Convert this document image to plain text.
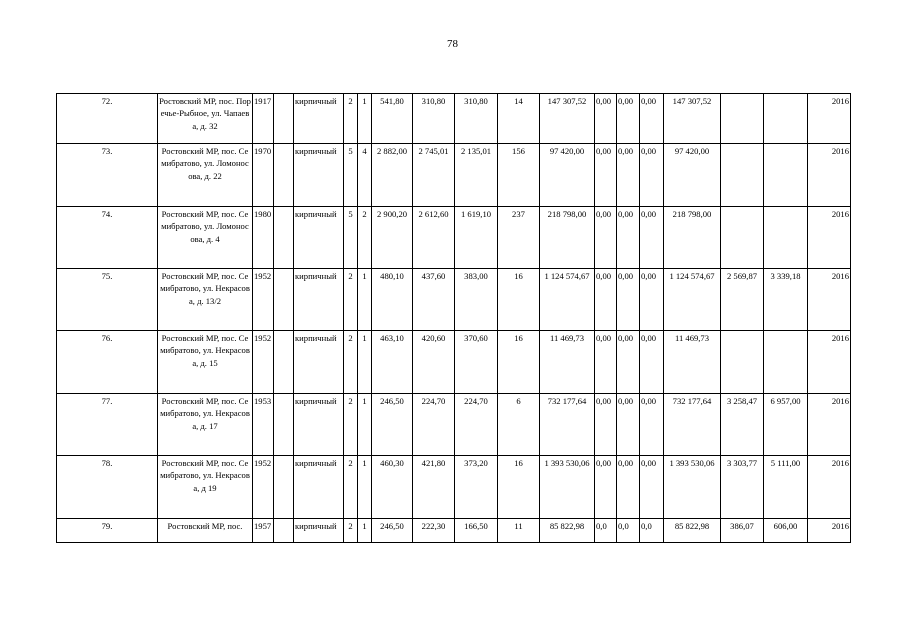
78
72.	Ростовский МР, пос. Поречье-Рыбное, ул. Чапаева, д. 32	1917		кирпичный	2	1	541,80	310,80	310,80	14	147 307,52	0,00	0,00	0,00	147 307,52			2016
73.	Ростовский МР, пос. Семибратово, ул. Ломоносова, д. 22	1970		кирпичный	5	4	2 882,00	2 745,01	2 135,01	156	97 420,00	0,00	0,00	0,00	97 420,00			2016
74.	Ростовский МР, пос. Семибратово, ул. Ломоносова, д. 4	1980		кирпичный	5	2	2 900,20	2 612,60	1 619,10	237	218 798,00	0,00	0,00	0,00	218 798,00			2016
75.	Ростовский МР, пос. Семибратово, ул. Некрасова, д. 13/2	1952		кирпичный	2	1	480,10	437,60	383,00	16	1 124 574,67	0,00	0,00	0,00	1 124 574,67	2 569,87	3 339,18	2016
76.	Ростовский МР, пос. Семибратово, ул. Некрасова, д. 15	1952		кирпичный	2	1	463,10	420,60	370,60	16	11 469,73	0,00	0,00	0,00	11 469,73			2016
77.	Ростовский МР, пос. Семибратово, ул. Некрасова, д. 17	1953		кирпичный	2	1	246,50	224,70	224,70	6	732 177,64	0,00	0,00	0,00	732 177,64	3 258,47	6 957,00	2016
78.	Ростовский МР, пос. Семибратово, ул. Некрасова, д 19	1952		кирпичный	2	1	460,30	421,80	373,20	16	1 393 530,06	0,00	0,00	0,00	1 393 530,06	3 303,77	5 111,00	2016
79.	Ростовский МР, пос.	1957		кирпичный	2	1	246,50	222,30	166,50	11	85 822,98	0,0	0,0	0,0	85 822,98	386,07	606,00	2016
